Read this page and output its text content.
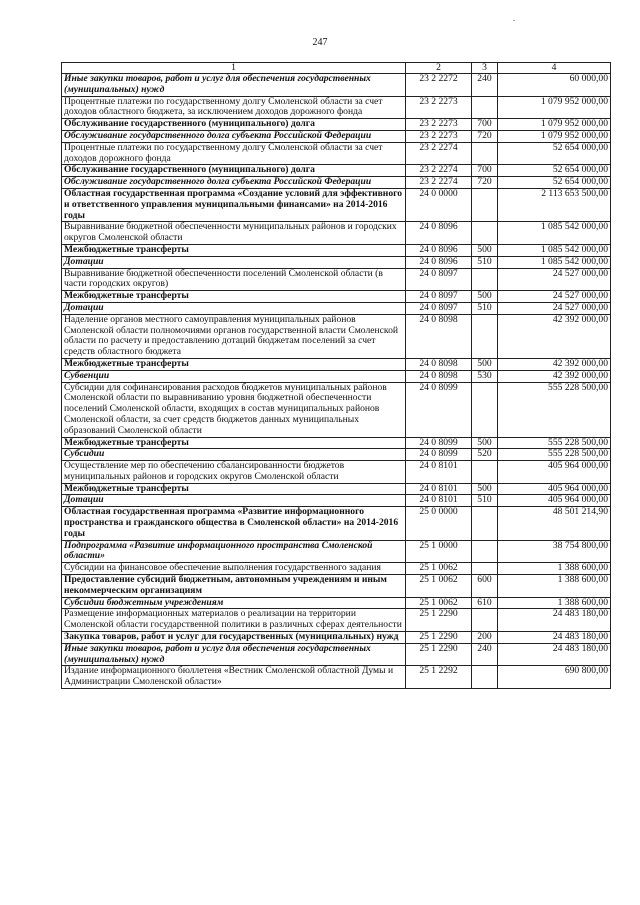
.
247
1	2	3	4
Иные закупки товаров, работ и услуг для обеспечения государственных (муниципальных) нужд	23 2 2272	240	60 000,00
Процентные платежи по государственному долгу Смоленской области за счет доходов областного бюджета, за исключением доходов дорожного фонда	23 2 2273		1 079 952 000,00
Обслуживание государственного (муниципального) долга	23 2 2273	700	1 079 952 000,00
Обслуживание государственного долга субъекта Российской Федерации	23 2 2273	720	1 079 952 000,00
Процентные платежи по государственному долгу Смоленской области за счет доходов дорожного фонда	23 2 2274		52 654 000,00
Обслуживание государственного (муниципального) долга	23 2 2274	700	52 654 000,00
Обслуживание государственного долга субъекта Российской Федерации	23 2 2274	720	52 654 000,00
Областная государственная программа «Создание условий для эффективного и ответственного управления муниципальными финансами» на 2014-2016 годы	24 0 0000		2 113 653 500,00
Выравнивание бюджетной обеспеченности муниципальных районов и городских округов Смоленской области	24 0 8096		1 085 542 000,00
Межбюджетные трансферты	24 0 8096	500	1 085 542 000,00
Дотации	24 0 8096	510	1 085 542 000,00
Выравнивание бюджетной обеспеченности поселений Смоленской области (в части городских округов)	24 0 8097		24 527 000,00
Межбюджетные трансферты	24 0 8097	500	24 527 000,00
Дотации	24 0 8097	510	24 527 000,00
Наделение органов местного самоуправления муниципальных районов Смоленской области полномочиями органов государственной власти Смоленской области по расчету и предоставлению дотаций бюджетам поселений за счет средств областного бюджета	24 0 8098		42 392 000,00
Межбюджетные трансферты	24 0 8098	500	42 392 000,00
Субвенции	24 0 8098	530	42 392 000,00
Субсидии для софинансирования расходов бюджетов муниципальных районов Смоленской области по выравниванию уровня бюджетной обеспеченности поселений Смоленской области, входящих в состав муниципальных районов Смоленской области, за счет средств бюджетов данных муниципальных образований Смоленской области	24 0 8099		555 228 500,00
Межбюджетные трансферты	24 0 8099	500	555 228 500,00
Субсидии	24 0 8099	520	555 228 500,00
Осуществление мер по обеспечению сбалансированности бюджетов муниципальных районов и городских округов Смоленской области	24 0 8101		405 964 000,00
Межбюджетные трансферты	24 0 8101	500	405 964 000,00
Дотации	24 0 8101	510	405 964 000,00
Областная государственная программа «Развитие информационного пространства и гражданского общества в Смоленской области» на 2014-2016 годы	25 0 0000		48 501 214,90
Подпрограмма «Развитие информационного пространства Смоленской области»	25 1 0000		38 754 800,00
Субсидии на финансовое обеспечение выполнения государственного задания	25 1 0062		1 388 600,00
Предоставление субсидий бюджетным, автономным учреждениям и иным некоммерческим организациям	25 1 0062	600	1 388 600,00
Субсидии бюджетным учреждениям	25 1 0062	610	1 388 600,00
Размещение информационных материалов о реализации на территории Смоленской области государственной политики в различных сферах деятельности	25 1 2290		24 483 180,00
Закупка товаров, работ и услуг для государственных (муниципальных) нужд	25 1 2290	200	24 483 180,00
Иные закупки товаров, работ и услуг для обеспечения государственных (муниципальных) нужд	25 1 2290	240	24 483 180,00
Издание информационного бюллетеня «Вестник Смоленской областной Думы и Администрации Смоленской области»	25 1 2292		690 800,00
